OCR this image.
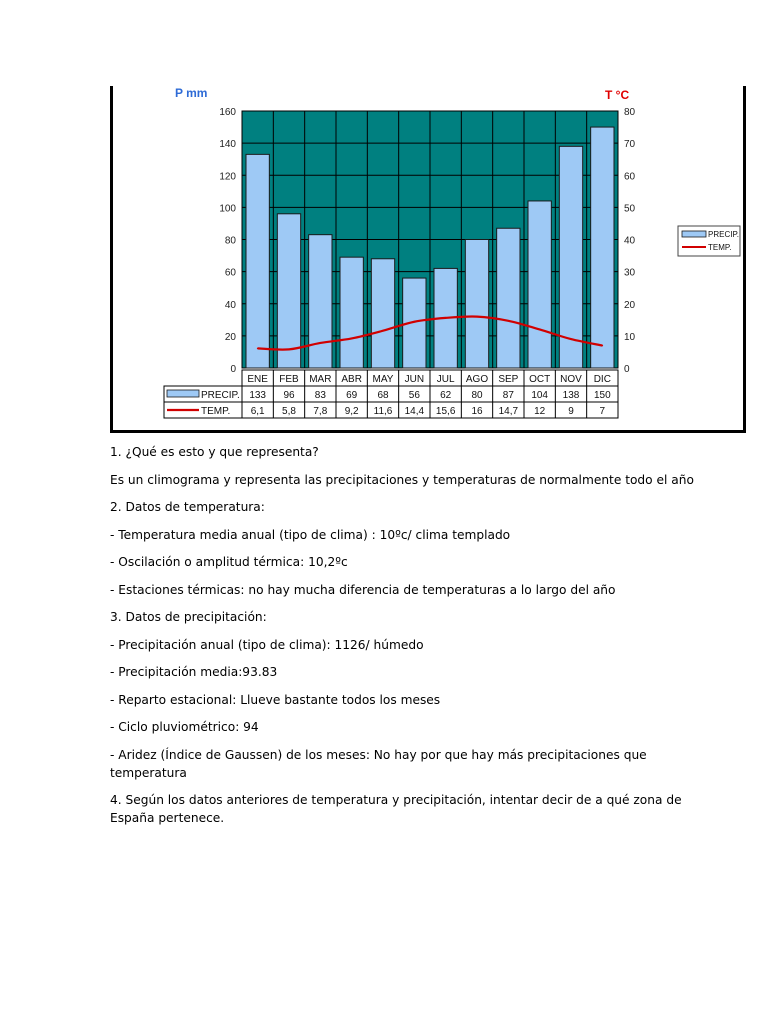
P mm	T °C
160
140
120
100
80
60
40
20
0
80
70
60
50
40
30
20
10
0
ENE FEB MAR ABR MAY JUN JUL AGO SEP OCT NOV DIC
PRECIP.
TEMP.
133 96 83 69 68 56 62 80 87 104 138 150
6,1 5,8 7,8 9,2 11,6 14,4 15,6 16 14,7 12 9	7
PRECIP.
TEMP.

1. ¿Qué es esto y que representa?

Es un climograma y representa las precipitaciones y temperaturas de normalmente todo el año

2. Datos de temperatura:

- Temperatura media anual (tipo de clima) : 10ºc/ clima templado

- Oscilación o amplitud térmica: 10,2ºc

- Estaciones térmicas: no hay mucha diferencia de temperaturas a lo largo del año

3. Datos de precipitación:

- Precipitación anual (tipo de clima): 1126/ húmedo

- Precipitación media:93.83

- Reparto estacional: Llueve bastante todos los meses

- Ciclo pluviométrico: 94

- Aridez (Índice de Gaussen) de los meses: No hay por que hay más precipitaciones que temperatura

4. Según los datos anteriores de temperatura y precipitación, intentar decir de a qué zona de España pertenece.
